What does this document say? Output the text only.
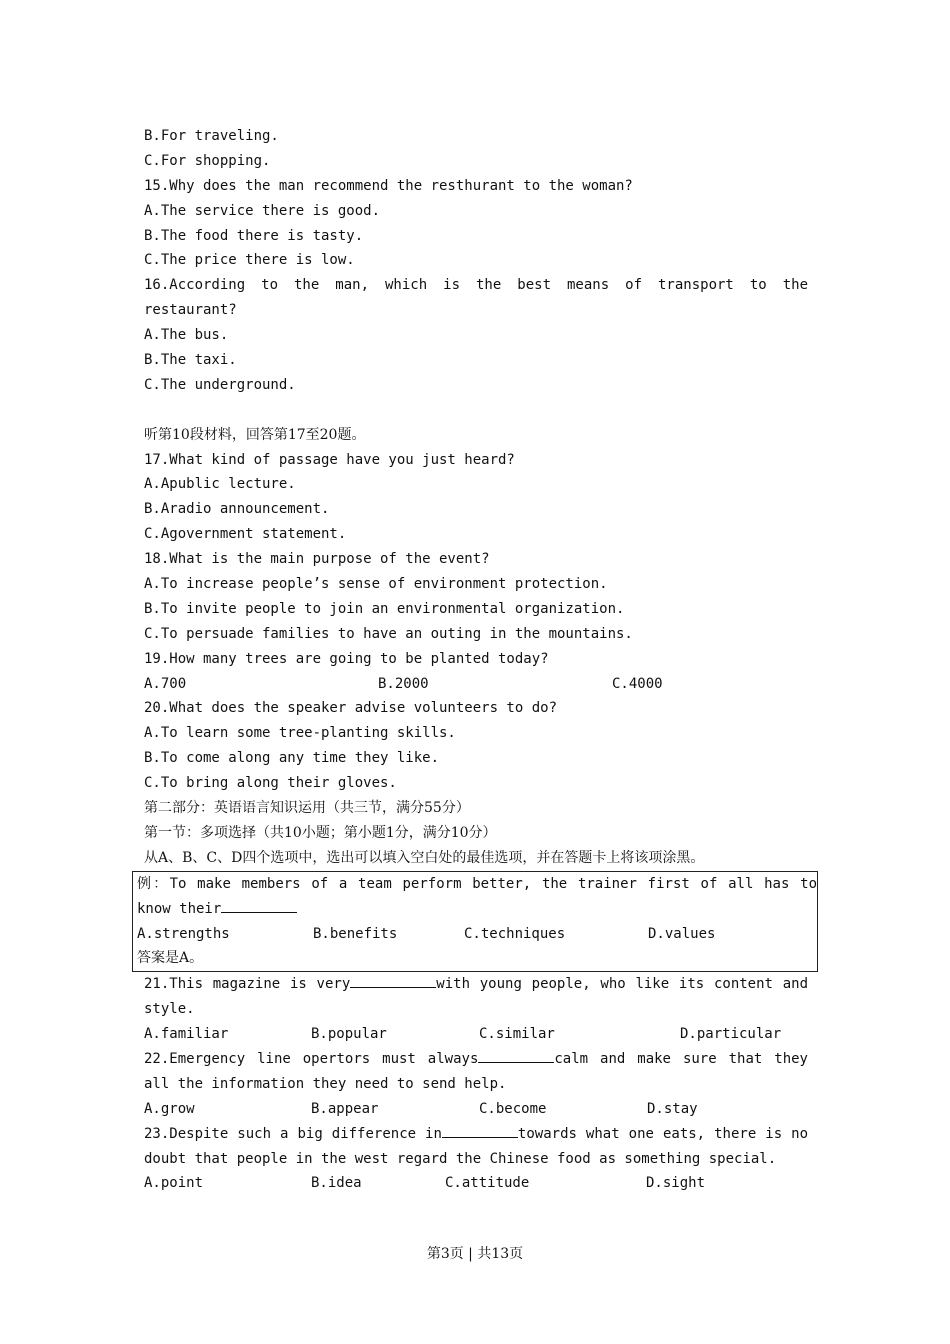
B.For traveling.
C.For shopping.
15.Why does the man recommend the resthurant to the woman?
A.The service there is good.
B.The food there is tasty.
C.The price there is low.
16.According to the man, which is the best means of transport to the
restaurant?
A.The bus.
B.The taxi.
C.The underground.
听第10段材料，回答第17至20题。
17.What kind of passage have you just heard?
A.Apublic lecture.
B.Aradio announcement.
C.Agovernment statement.
18.What is the main purpose of the event?
A.To increase people’s sense of environment protection.
B.To invite people to join an environmental organization.
C.To persuade families to have an outing in the mountains.
19.How many trees are going to be planted today?
A.700	B.2000	C.4000
20.What does the speaker advise volunteers to do?
A.To learn some tree-planting skills.
B.To come along any time they like.
C.To bring along their gloves.
第二部分：英语语言知识运用（共三节，满分55分）
第一节：多项选择（共10小题；第小题1分，满分10分）
从A、B、C、D四个选项中，选出可以填入空白处的最佳选项，并在答题卡上将该项涂黑。
例：To make members of a team perform better, the trainer first of all has to
know their
A.strengths	B.benefits	C.techniques	D.values
答案是A。
21.This magazine is very	with young people, who like its content and
style.
A.familiar	B.popular	C.similar	D.particular
22.Emergency line opertors must always	calm and make sure that they
all the information they need to send help.
A.grow	B.appear	C.become	D.stay
23.Despite such a big difference in	towards what one eats, there is no
doubt that people in the west regard the Chinese food as something special.
A.point	B.idea	C.attitude	D.sight
第3页 | 共13页
